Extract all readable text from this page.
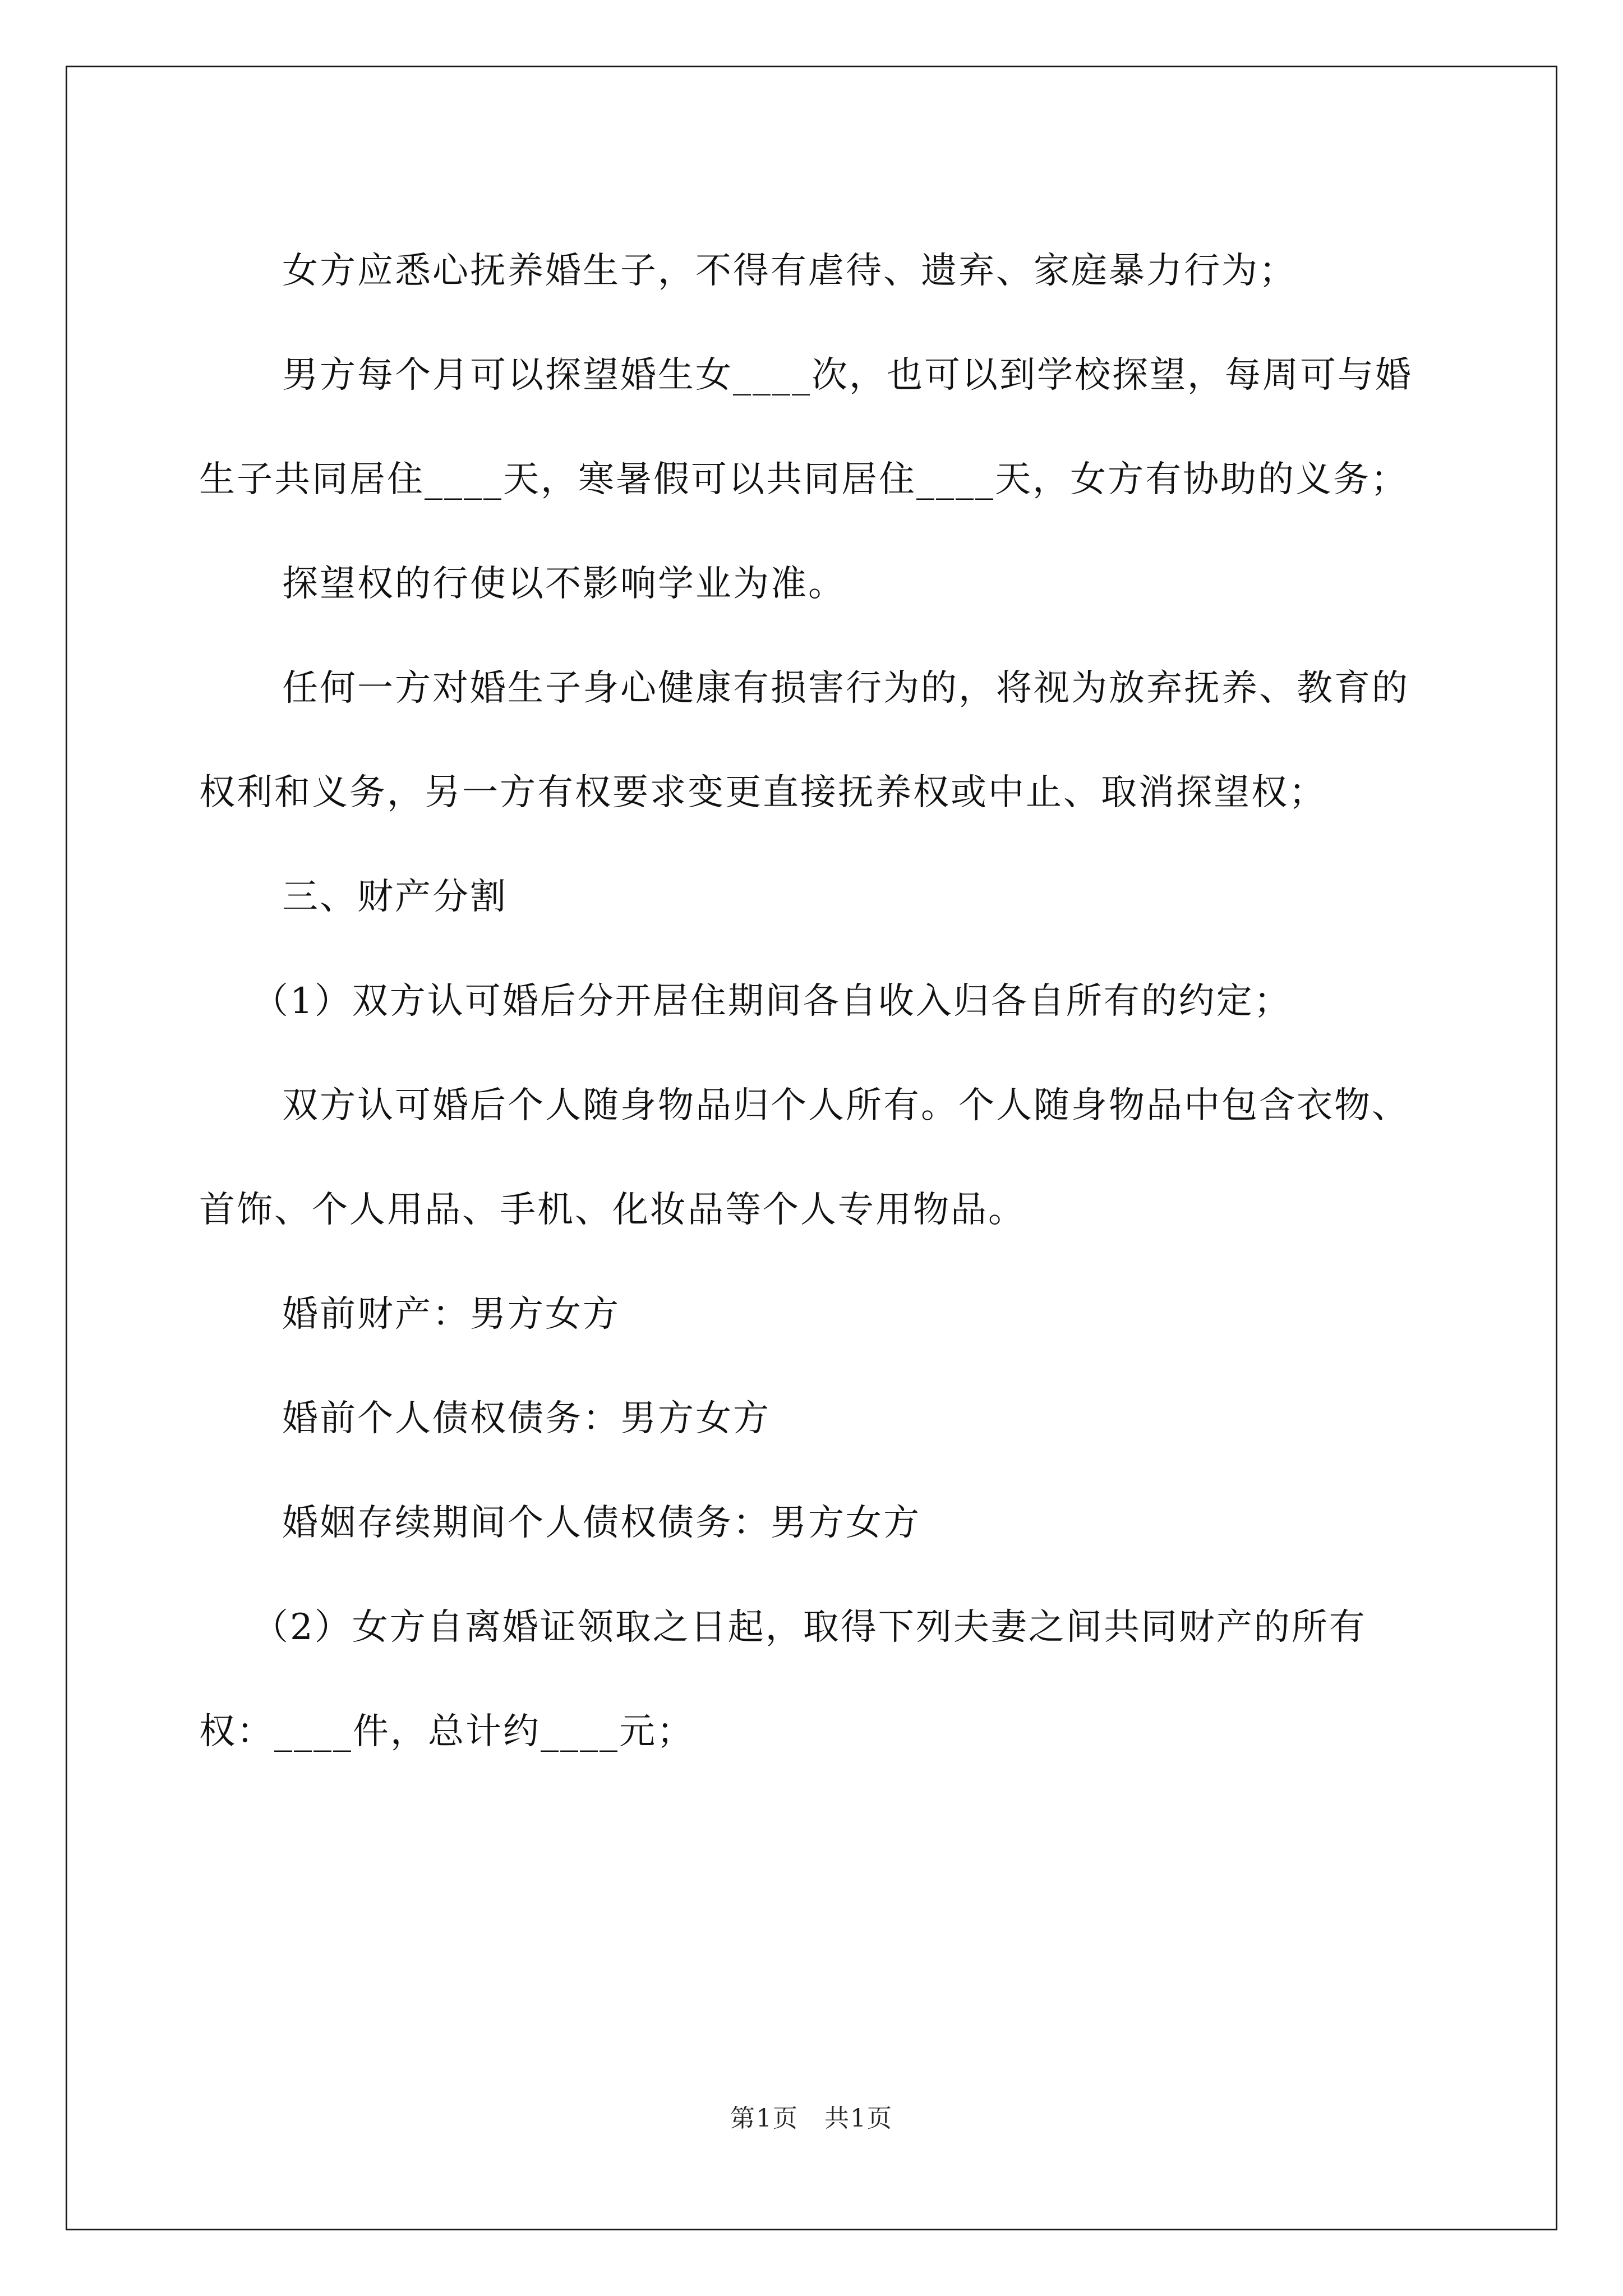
女方应悉心抚养婚生子，不得有虐待、遗弃、家庭暴力行为；

男方每个月可以探望婚生女____次，也可以到学校探望，每周可与婚生子共同居住____天，寒暑假可以共同居住____天，女方有协助的义务；

探望权的行使以不影响学业为准。

任何一方对婚生子身心健康有损害行为的，将视为放弃抚养、教育的权利和义务，另一方有权要求变更直接抚养权或中止、取消探望权；

三、财产分割

（1）双方认可婚后分开居住期间各自收入归各自所有的约定；

双方认可婚后个人随身物品归个人所有。个人随身物品中包含衣物、首饰、个人用品、手机、化妆品等个人专用物品。

婚前财产：男方女方

婚前个人债权债务：男方女方

婚姻存续期间个人债权债务：男方女方

（2）女方自离婚证领取之日起，取得下列夫妻之间共同财产的所有权：____件，总计约____元；

第1页　共1页
